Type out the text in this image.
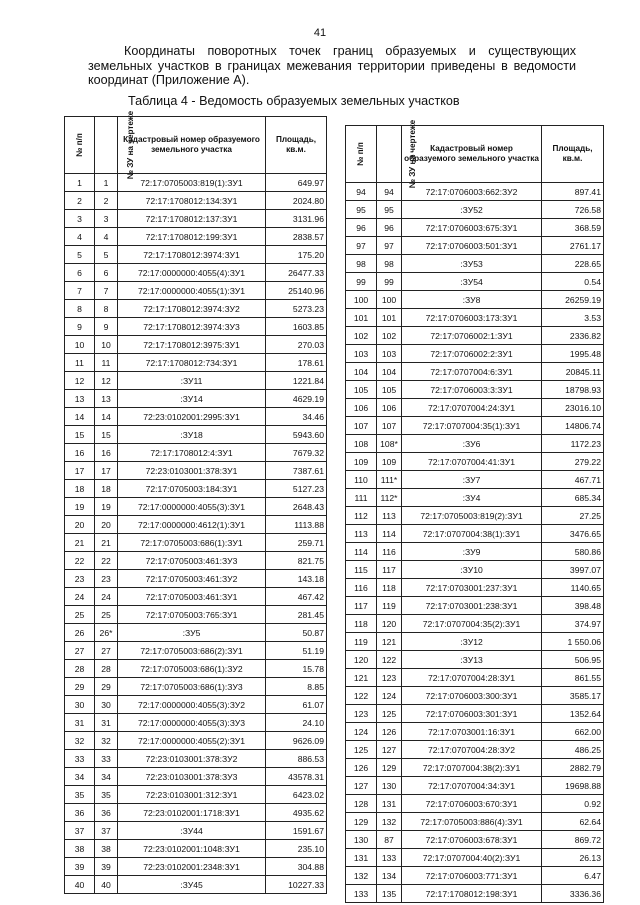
41
Координаты поворотных точек границ образуемых и существующих земельных участков в границах межевания территории приведены в ведомости координат (Приложение А).
Таблица 4 - Ведомость образуемых земельных участков
№ п/п	№ ЗУ на чертеже	Кадастровый номер образуемого земельного участка	Площадь, кв.м.
1	1	72:17:0705003:819(1):ЗУ1	649.97
2	2	72:17:1708012:134:ЗУ1	2024.80
3	3	72:17:1708012:137:ЗУ1	3131.96
4	4	72:17:1708012:199:ЗУ1	2838.57
5	5	72:17:1708012:3974:ЗУ1	175.20
6	6	72:17:0000000:4055(4):ЗУ1	26477.33
7	7	72:17:0000000:4055(1):ЗУ1	25140.96
8	8	72:17:1708012:3974:ЗУ2	5273.23
9	9	72:17:1708012:3974:ЗУ3	1603.85
10	10	72:17:1708012:3975:ЗУ1	270.03
11	11	72:17:1708012:734:ЗУ1	178.61
12	12	:ЗУ11	1221.84
13	13	:ЗУ14	4629.19
14	14	72:23:0102001:2995:ЗУ1	34.46
15	15	:ЗУ18	5943.60
16	16	72:17:1708012:4:ЗУ1	7679.32
17	17	72:23:0103001:378:ЗУ1	7387.61
18	18	72:17:0705003:184:ЗУ1	5127.23
19	19	72:17:0000000:4055(3):ЗУ1	2648.43
20	20	72:17:0000000:4612(1):ЗУ1	1113.88
21	21	72:17:0705003:686(1):ЗУ1	259.71
22	22	72:17:0705003:461:ЗУ3	821.75
23	23	72:17:0705003:461:ЗУ2	143.18
24	24	72:17:0705003:461:ЗУ1	467.42
25	25	72:17:0705003:765:ЗУ1	281.45
26	26*	:ЗУ5	50.87
27	27	72:17:0705003:686(2):ЗУ1	51.19
28	28	72:17:0705003:686(1):ЗУ2	15.78
29	29	72:17:0705003:686(1):ЗУ3	8.85
30	30	72:17:0000000:4055(3):ЗУ2	61.07
31	31	72:17:0000000:4055(3):ЗУ3	24.10
32	32	72:17:0000000:4055(2):ЗУ1	9626.09
33	33	72:23:0103001:378:ЗУ2	886.53
34	34	72:23:0103001:378:ЗУ3	43578.31
35	35	72:23:0103001:312:ЗУ1	6423.02
36	36	72:23:0102001:1718:ЗУ1	4935.62
37	37	:ЗУ44	1591.67
38	38	72:23:0102001:1048:ЗУ1	235.10
39	39	72:23:0102001:2348:ЗУ1	304.88
40	40	:ЗУ45	10227.33
№ п/п	№ ЗУ на чертеже	Кадастровый номер образуемого земельного участка	Площадь, кв.м.
94	94	72:17:0706003:662:ЗУ2	897.41
95	95	:ЗУ52	726.58
96	96	72:17:0706003:675:ЗУ1	368.59
97	97	72:17:0706003:501:ЗУ1	2761.17
98	98	:ЗУ53	228.65
99	99	:ЗУ54	0.54
100	100	:ЗУ8	26259.19
101	101	72:17:0706003:173:ЗУ1	3.53
102	102	72:17:0706002:1:ЗУ1	2336.82
103	103	72:17:0706002:2:ЗУ1	1995.48
104	104	72:17:0707004:6:ЗУ1	20845.11
105	105	72:17:0706003:3:ЗУ1	18798.93
106	106	72:17:0707004:24:ЗУ1	23016.10
107	107	72:17:0707004:35(1):ЗУ1	14806.74
108	108*	:ЗУ6	1172.23
109	109	72:17:0707004:41:ЗУ1	279.22
110	111*	:ЗУ7	467.71
111	112*	:ЗУ4	685.34
112	113	72:17:0705003:819(2):ЗУ1	27.25
113	114	72:17:0707004:38(1):ЗУ1	3476.65
114	116	:ЗУ9	580.86
115	117	:ЗУ10	3997.07
116	118	72:17:0703001:237:ЗУ1	1140.65
117	119	72:17:0703001:238:ЗУ1	398.48
118	120	72:17:0707004:35(2):ЗУ1	374.97
119	121	:ЗУ12	1 550.06
120	122	:ЗУ13	506.95
121	123	72:17:0707004:28:ЗУ1	861.55
122	124	72:17:0706003:300:ЗУ1	3585.17
123	125	72:17:0706003:301:ЗУ1	1352.64
124	126	72:17:0703001:16:ЗУ1	662.00
125	127	72:17:0707004:28:ЗУ2	486.25
126	129	72:17:0707004:38(2):ЗУ1	2882.79
127	130	72:17:0707004:34:ЗУ1	19698.88
128	131	72:17:0706003:670:ЗУ1	0.92
129	132	72:17:0705003:886(4):ЗУ1	62.64
130	87	72:17:0706003:678:ЗУ1	869.72
131	133	72:17:0707004:40(2):ЗУ1	26.13
132	134	72:17:0706003:771:ЗУ1	6.47
133	135	72:17:1708012:198:ЗУ1	3336.36
